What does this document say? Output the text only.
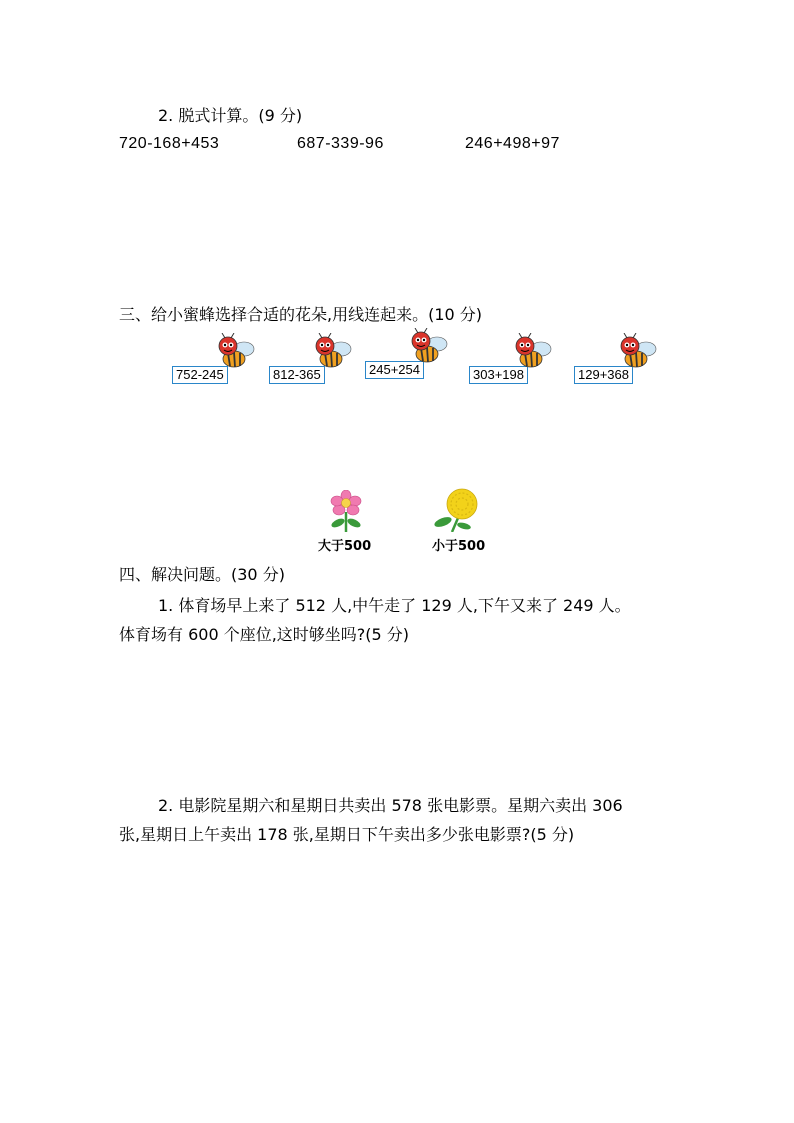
2. 脱式计算。(9 分)
720-168+453	687-339-96	246+498+97
三、给小蜜蜂选择合适的花朵,用线连起来。(10 分)
752-245	812-365	245+254	303+198	129+368
大于500	小于500
四、解决问题。(30 分)
1. 体育场早上来了 512 人,中午走了 129 人,下午又来了 249 人。
体育场有 600 个座位,这时够坐吗?(5 分)
2. 电影院星期六和星期日共卖出 578 张电影票。星期六卖出 306
张,星期日上午卖出 178 张,星期日下午卖出多少张电影票?(5 分)
